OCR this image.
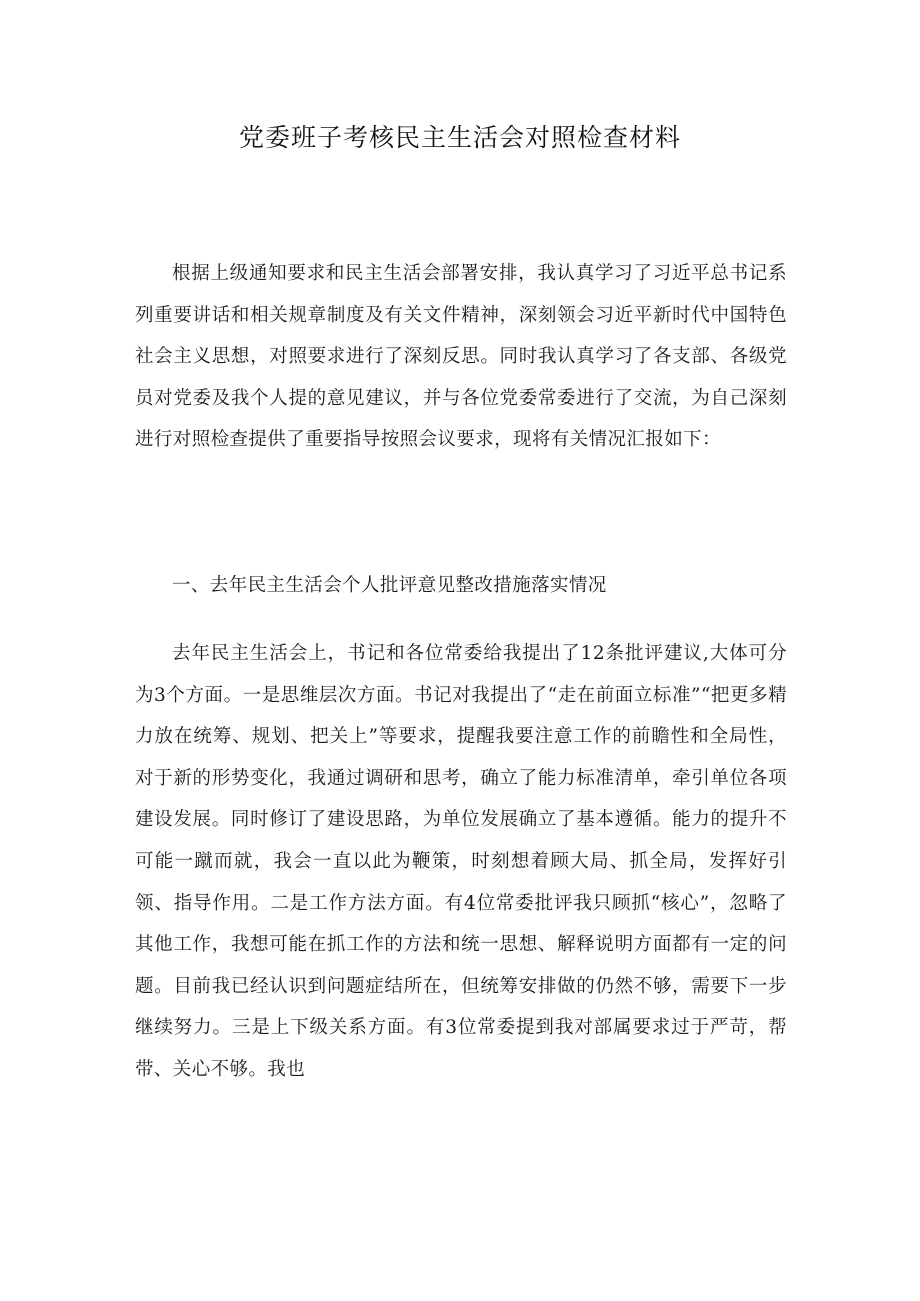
党委班子考核民主生活会对照检查材料

根据上级通知要求和民主生活会部署安排，我认真学习了习近平总书记系列重要讲话和相关规章制度及有关文件精神，深刻领会习近平新时代中国特色社会主义思想，对照要求进行了深刻反思。同时我认真学习了各支部、各级党员对党委及我个人提的意见建议，并与各位党委常委进行了交流，为自己深刻进行对照检查提供了重要指导按照会议要求，现将有关情况汇报如下：

一、去年民主生活会个人批评意见整改措施落实情况

去年民主生活会上，书记和各位常委给我提出了12条批评建议,大体可分为3个方面。一是思维层次方面。书记对我提出了“走在前面立标准”“把更多精力放在统筹、规划、把关上”等要求，提醒我要注意工作的前瞻性和全局性，对于新的形势变化，我通过调研和思考，确立了能力标准清单，牵引单位各项建设发展。同时修订了建设思路，为单位发展确立了基本遵循。能力的提升不可能一蹴而就，我会一直以此为鞭策，时刻想着顾大局、抓全局，发挥好引领、指导作用。二是工作方法方面。有4位常委批评我只顾抓“核心”，忽略了其他工作，我想可能在抓工作的方法和统一思想、解释说明方面都有一定的问题。目前我已经认识到问题症结所在，但统筹安排做的仍然不够，需要下一步继续努力。三是上下级关系方面。有3位常委提到我对部属要求过于严苛，帮带、关心不够。我也
